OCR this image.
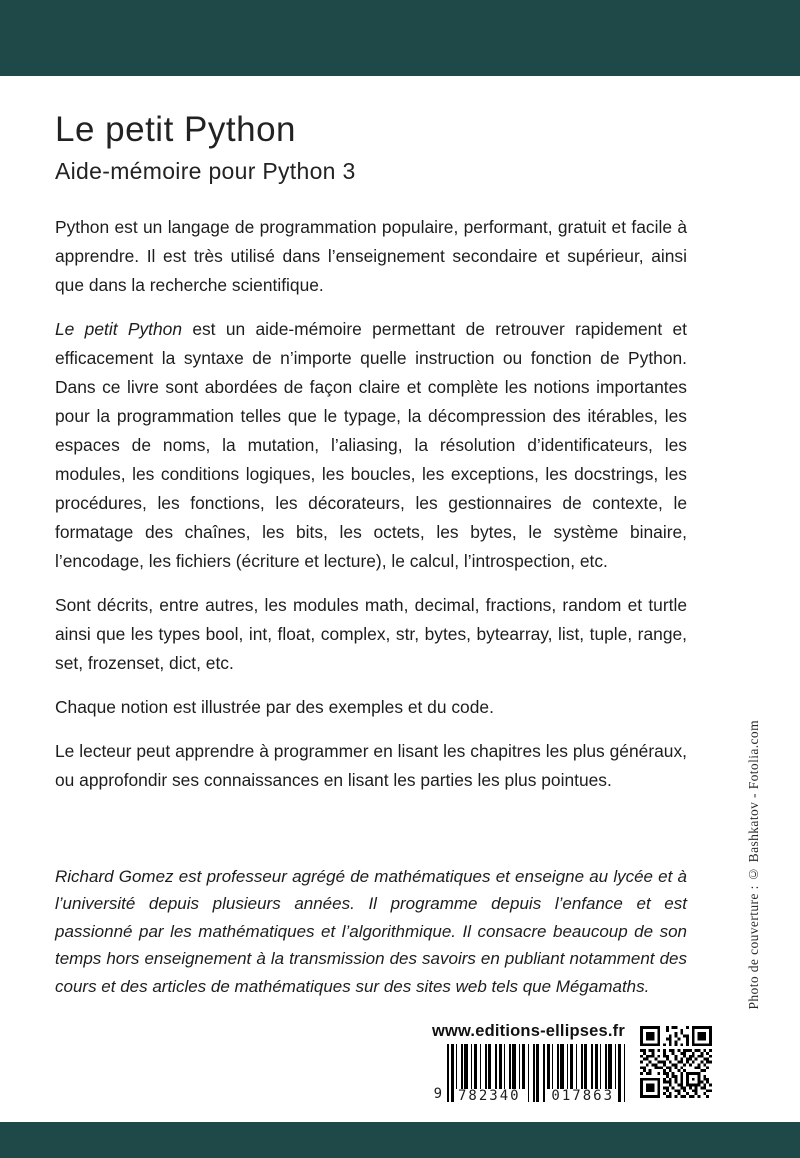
Le petit Python
Aide-mémoire pour Python 3

Python est un langage de programmation populaire, performant, gratuit et facile à apprendre. Il est très utilisé dans l’enseignement secondaire et supérieur, ainsi que dans la recherche scientifique.

Le petit Python est un aide-mémoire permettant de retrouver rapidement et efficacement la syntaxe de n’importe quelle instruction ou fonction de Python. Dans ce livre sont abordées de façon claire et complète les notions importantes pour la programmation telles que le typage, la décompression des itérables, les espaces de noms, la mutation, l’aliasing, la résolution d’identificateurs, les modules, les conditions logiques, les boucles, les exceptions, les docstrings, les procédures, les fonctions, les décorateurs, les gestionnaires de contexte, le formatage des chaînes, les bits, les octets, les bytes, le système binaire, l’encodage, les fichiers (écriture et lecture), le calcul, l’introspection, etc.

Sont décrits, entre autres, les modules math, decimal, fractions, random et turtle ainsi que les types bool, int, float, complex, str, bytes, bytearray, list, tuple, range, set, frozenset, dict, etc.

Chaque notion est illustrée par des exemples et du code.

Le lecteur peut apprendre à programmer en lisant les chapitres les plus généraux, ou approfondir ses connaissances en lisant les parties les plus pointues.

Richard Gomez est professeur agrégé de mathématiques et enseigne au lycée et à l’université depuis plusieurs années. Il programme depuis l’enfance et est passionné par les mathématiques et l’algorithmique. Il consacre beaucoup de son temps hors enseignement à la transmission des savoirs en publiant notamment des cours et des articles de mathématiques sur des sites web tels que Mégamaths.	Photo de couverture : © Bashkatov - Fotolia.com
www.editions-ellipses.fr
9 782340 017863
